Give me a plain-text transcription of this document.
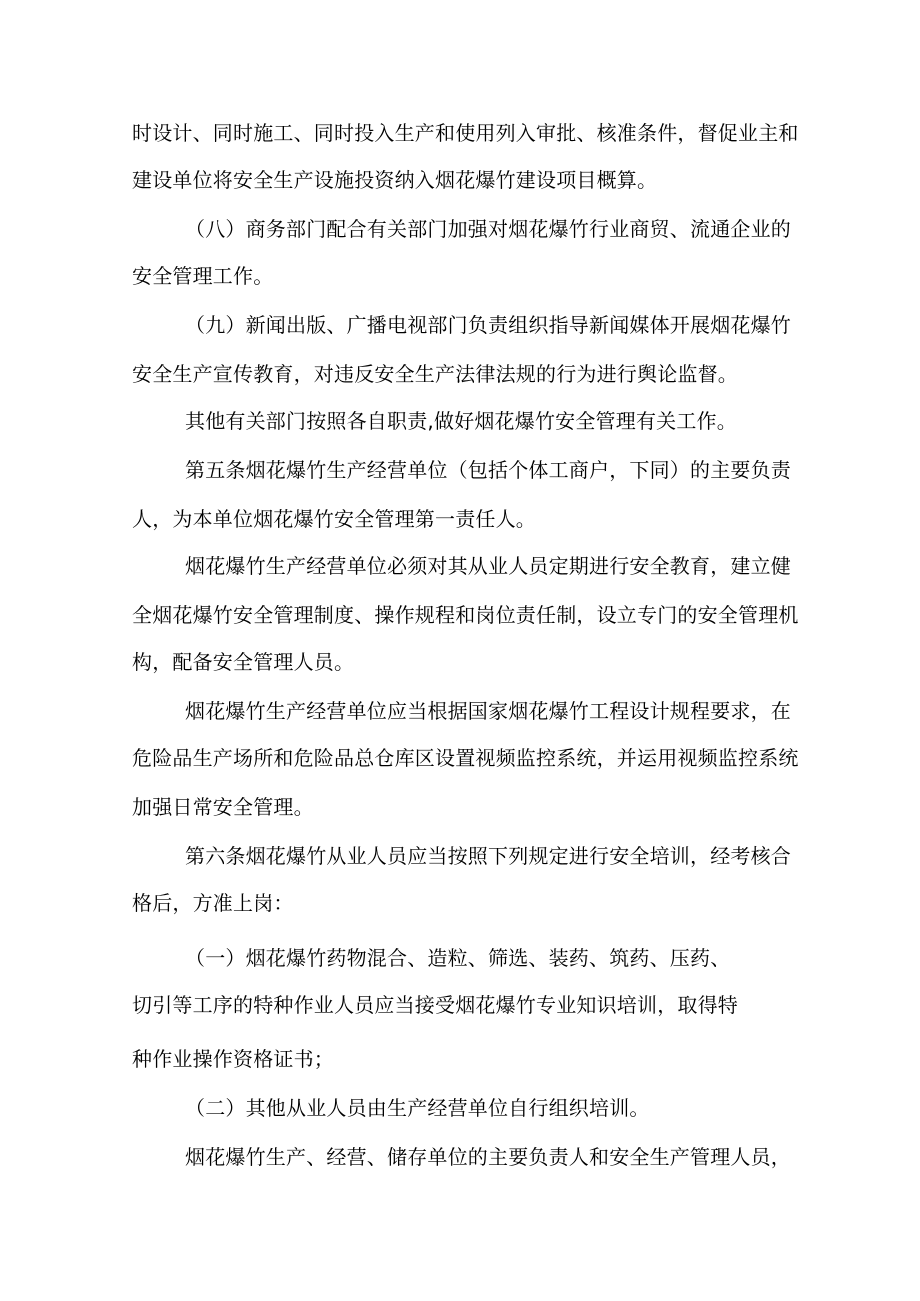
时设计、同时施工、同时投入生产和使用列入审批、核准条件，督促业主和
建设单位将安全生产设施投资纳入烟花爆竹建设项目概算。
（八）商务部门配合有关部门加强对烟花爆竹行业商贸、流通企业的
安全管理工作。
（九）新闻出版、广播电视部门负责组织指导新闻媒体开展烟花爆竹
安全生产宣传教育，对违反安全生产法律法规的行为进行舆论监督。
其他有关部门按照各自职责,做好烟花爆竹安全管理有关工作。
第五条烟花爆竹生产经营单位（包括个体工商户，下同）的主要负责
人，为本单位烟花爆竹安全管理第一责任人。
烟花爆竹生产经营单位必须对其从业人员定期进行安全教育，建立健
全烟花爆竹安全管理制度、操作规程和岗位责任制，设立专门的安全管理机
构，配备安全管理人员。
烟花爆竹生产经营单位应当根据国家烟花爆竹工程设计规程要求，在
危险品生产场所和危险品总仓库区设置视频监控系统，并运用视频监控系统
加强日常安全管理。
第六条烟花爆竹从业人员应当按照下列规定进行安全培训，经考核合
格后，方准上岗：
（一）烟花爆竹药物混合、造粒、筛选、装药、筑药、压药、
切引等工序的特种作业人员应当接受烟花爆竹专业知识培训，取得特
种作业操作资格证书；
（二）其他从业人员由生产经营单位自行组织培训。
烟花爆竹生产、经营、储存单位的主要负责人和安全生产管理人员，
